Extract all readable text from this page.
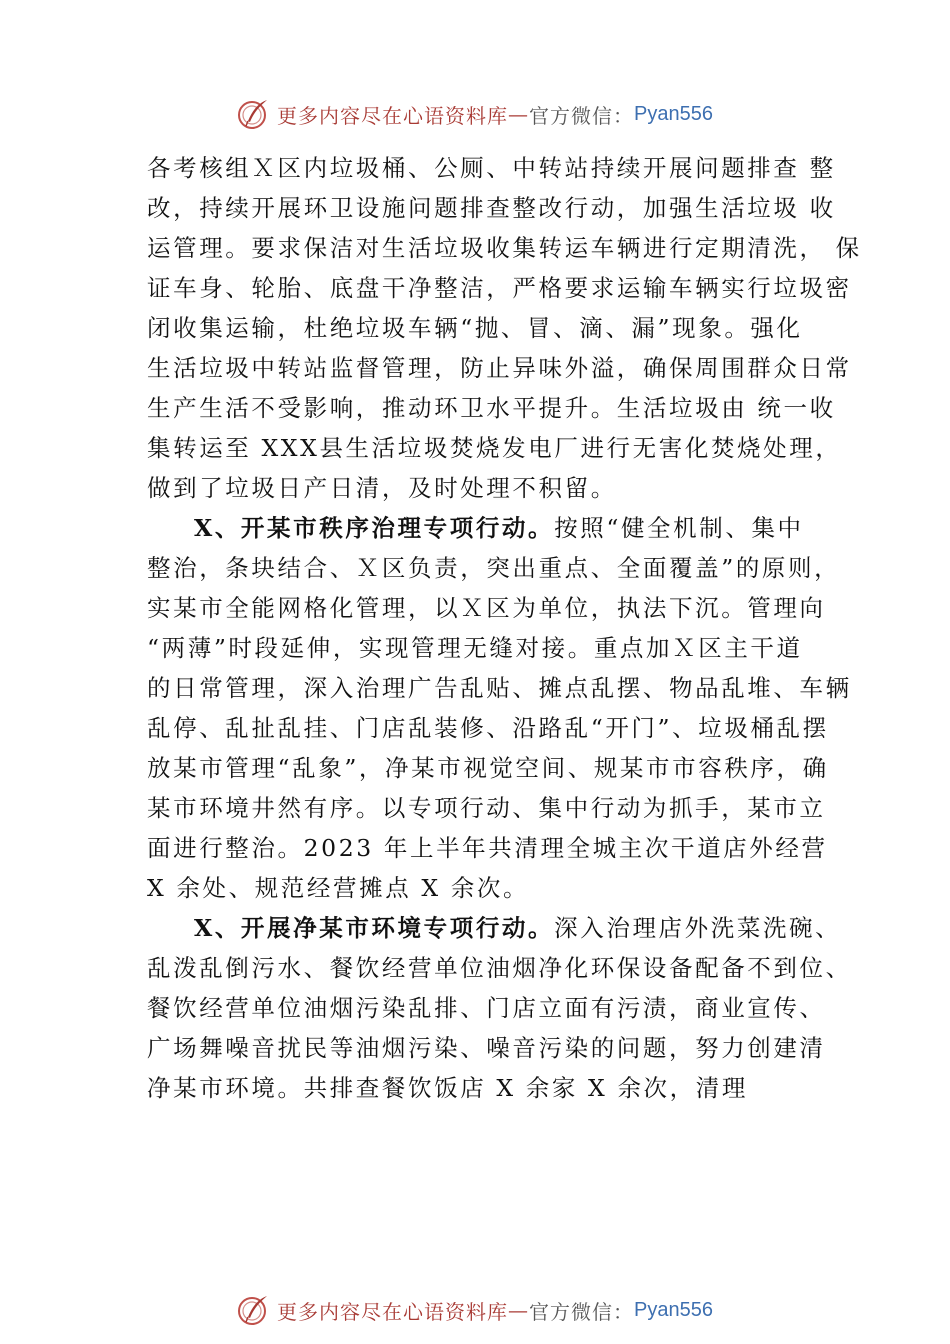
更多内容尽在心语资料库 — 官方微信： Pyan556
各考核组Ｘ区内垃圾桶、公厕、中转站持续开展问题排查 整
改，持续开展环卫设施问题排查整改行动，加强生活垃圾 收
运管理。要求保洁对生活垃圾收集转运车辆进行定期清洗， 保
证车身、轮胎、底盘干净整洁，严格要求运输车辆实行垃圾密
闭收集运输，杜绝垃圾车辆“抛、冒、滴、漏”现象。强化
生活垃圾中转站监督管理，防止异味外溢，确保周围群众日常
生产生活不受影响，推动环卫水平提升。生活垃圾由 统一收
集转运至 XXX县生活垃圾焚烧发电厂进行无害化焚烧处理，
做到了垃圾日产日清，及时处理不积留。
X、开某市秩序治理专项行动。按照“健全机制、集中
整治，条块结合、Ｘ区负责，突出重点、全面覆盖”的原则，
实某市全能网格化管理，以Ｘ区为单位，执法下沉。管理向
“两薄”时段延伸，实现管理无缝对接。重点加Ｘ区主干道
的日常管理，深入治理广告乱贴、摊点乱摆、物品乱堆、车辆
乱停、乱扯乱挂、门店乱装修、沿路乱“开门”、垃圾桶乱摆
放某市管理“乱象”，净某市视觉空间、规某市市容秩序，确
某市环境井然有序。以专项行动、集中行动为抓手，某市立
面进行整治。2023 年上半年共清理全城主次干道店外经营
X 余处、规范经营摊点 X 余次。
X、开展净某市环境专项行动。深入治理店外洗菜洗碗、
乱泼乱倒污水、餐饮经营单位油烟净化环保设备配备不到位、
餐饮经营单位油烟污染乱排、门店立面有污渍，商业宣传、
广场舞噪音扰民等油烟污染、噪音污染的问题，努力创建清
净某市环境。共排查餐饮饭店 X 余家 X 余次，清理
更多内容尽在心语资料库 — 官方微信： Pyan556
